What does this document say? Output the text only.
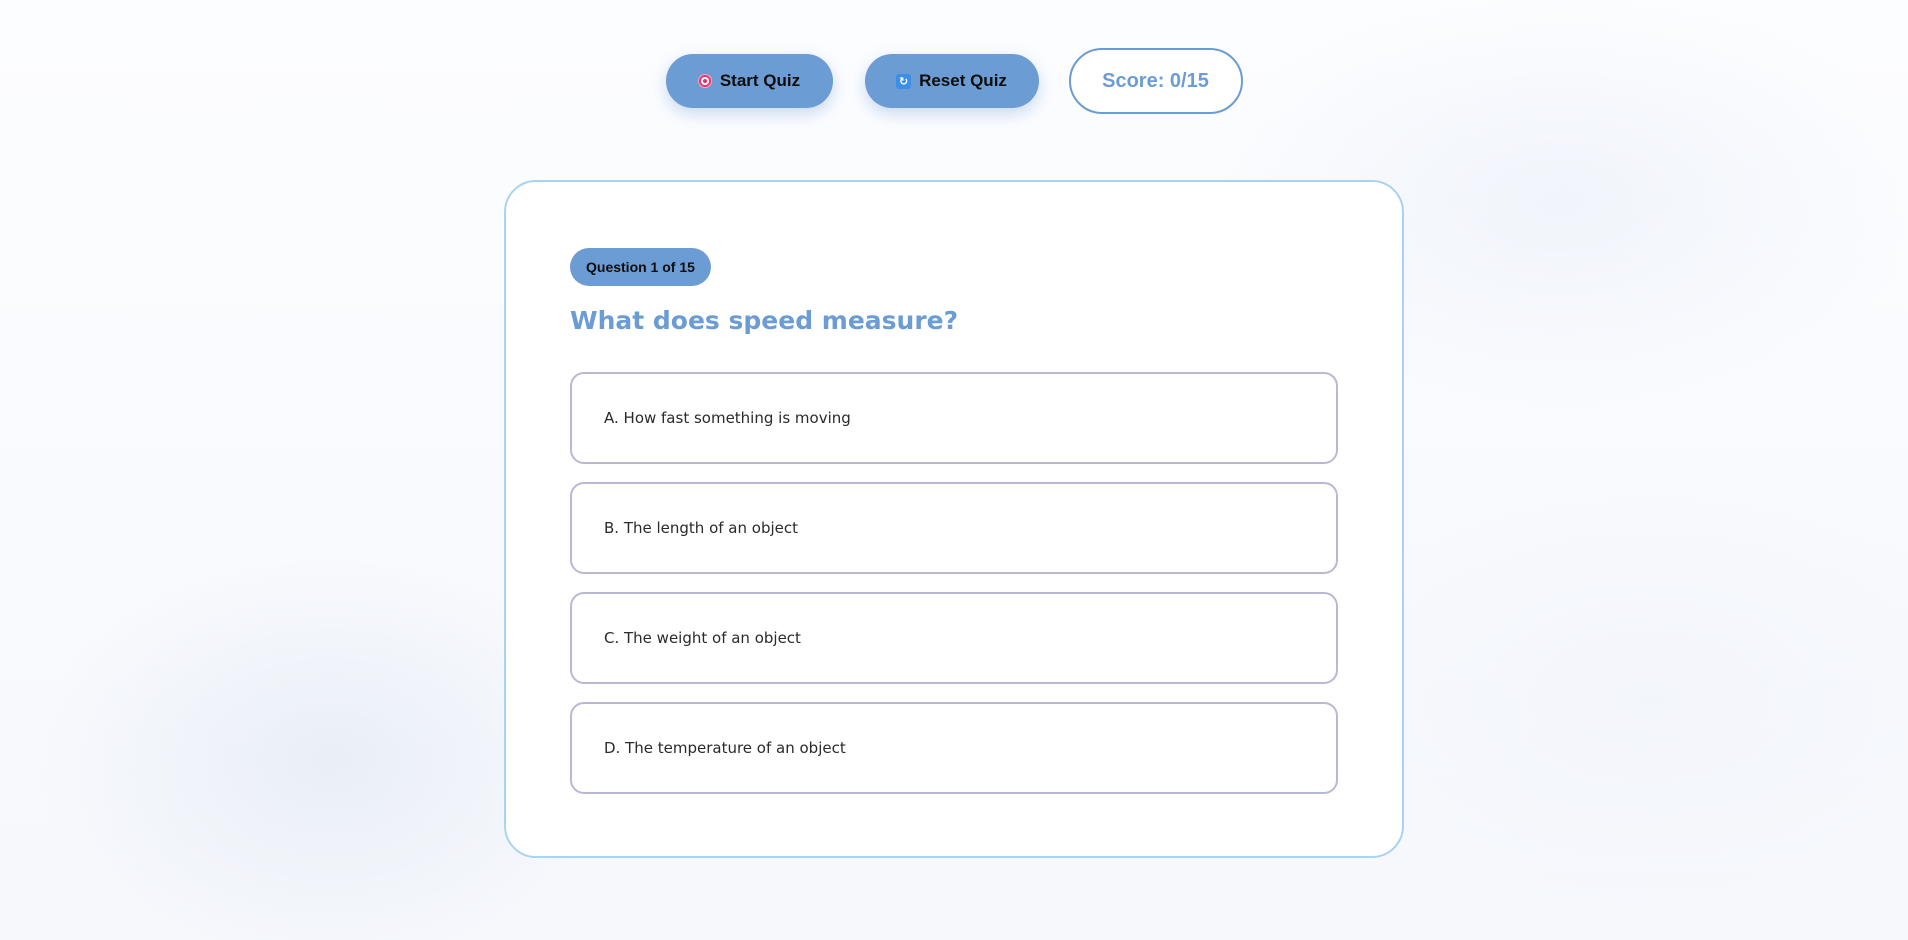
Start Quiz	↻ Reset Quiz	Score: 0/15
Question 1 of 15
What does speed measure?
A. How fast something is moving
B. The length of an object
C. The weight of an object
D. The temperature of an object
